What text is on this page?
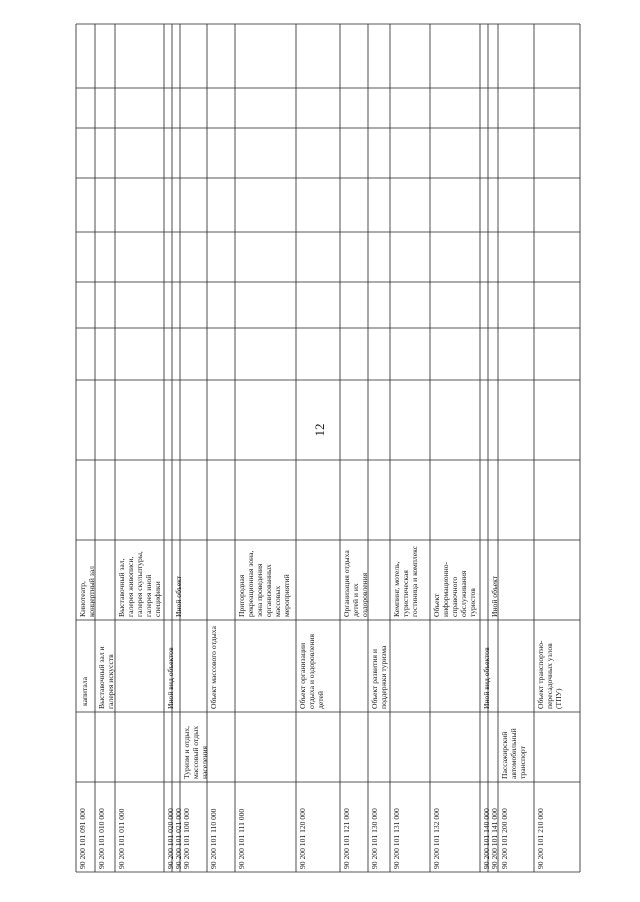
12
капитала
90 200 101 091 000
Кинотеатр, концертный зал
90 200 101 010 000
Выставочный зал и галерея искусств
90 200 101 011 000
Выставочный зал, галерея живописи, галерея скульптуры, галерея иной специфики
90 200 101 020 000
Иной вид объектов
90 200 101 021 000
Иной объект
90 200 101 100 000
Туризм и отдых, массовый отдых населения
90 200 101 110 000
Объект массового отдыха
90 200 101 111 000
Пригородная рекреационная зона, зона проведения организованных массовых мероприятий
90 200 101 120 000
Объект организации отдыха и оздоровления детей
90 200 101 121 000
Организация отдыха детей и их оздоровления
90 200 101 130 000
Объект развития и поддержки туризма
90 200 101 131 000
Кемпинг, мотель, туристическая гостиница и комплекс
90 200 101 132 000
Объект информационно-справочного обслуживания туристов
90 200 101 140 000
Иной вид объектов
90 200 101 141 000
Иной объект
90 200 101 200 000
Пассажирский автомобильный транспорт
90 200 101 210 000
Объект транспортно-пересадочных узлов (ТПУ)
